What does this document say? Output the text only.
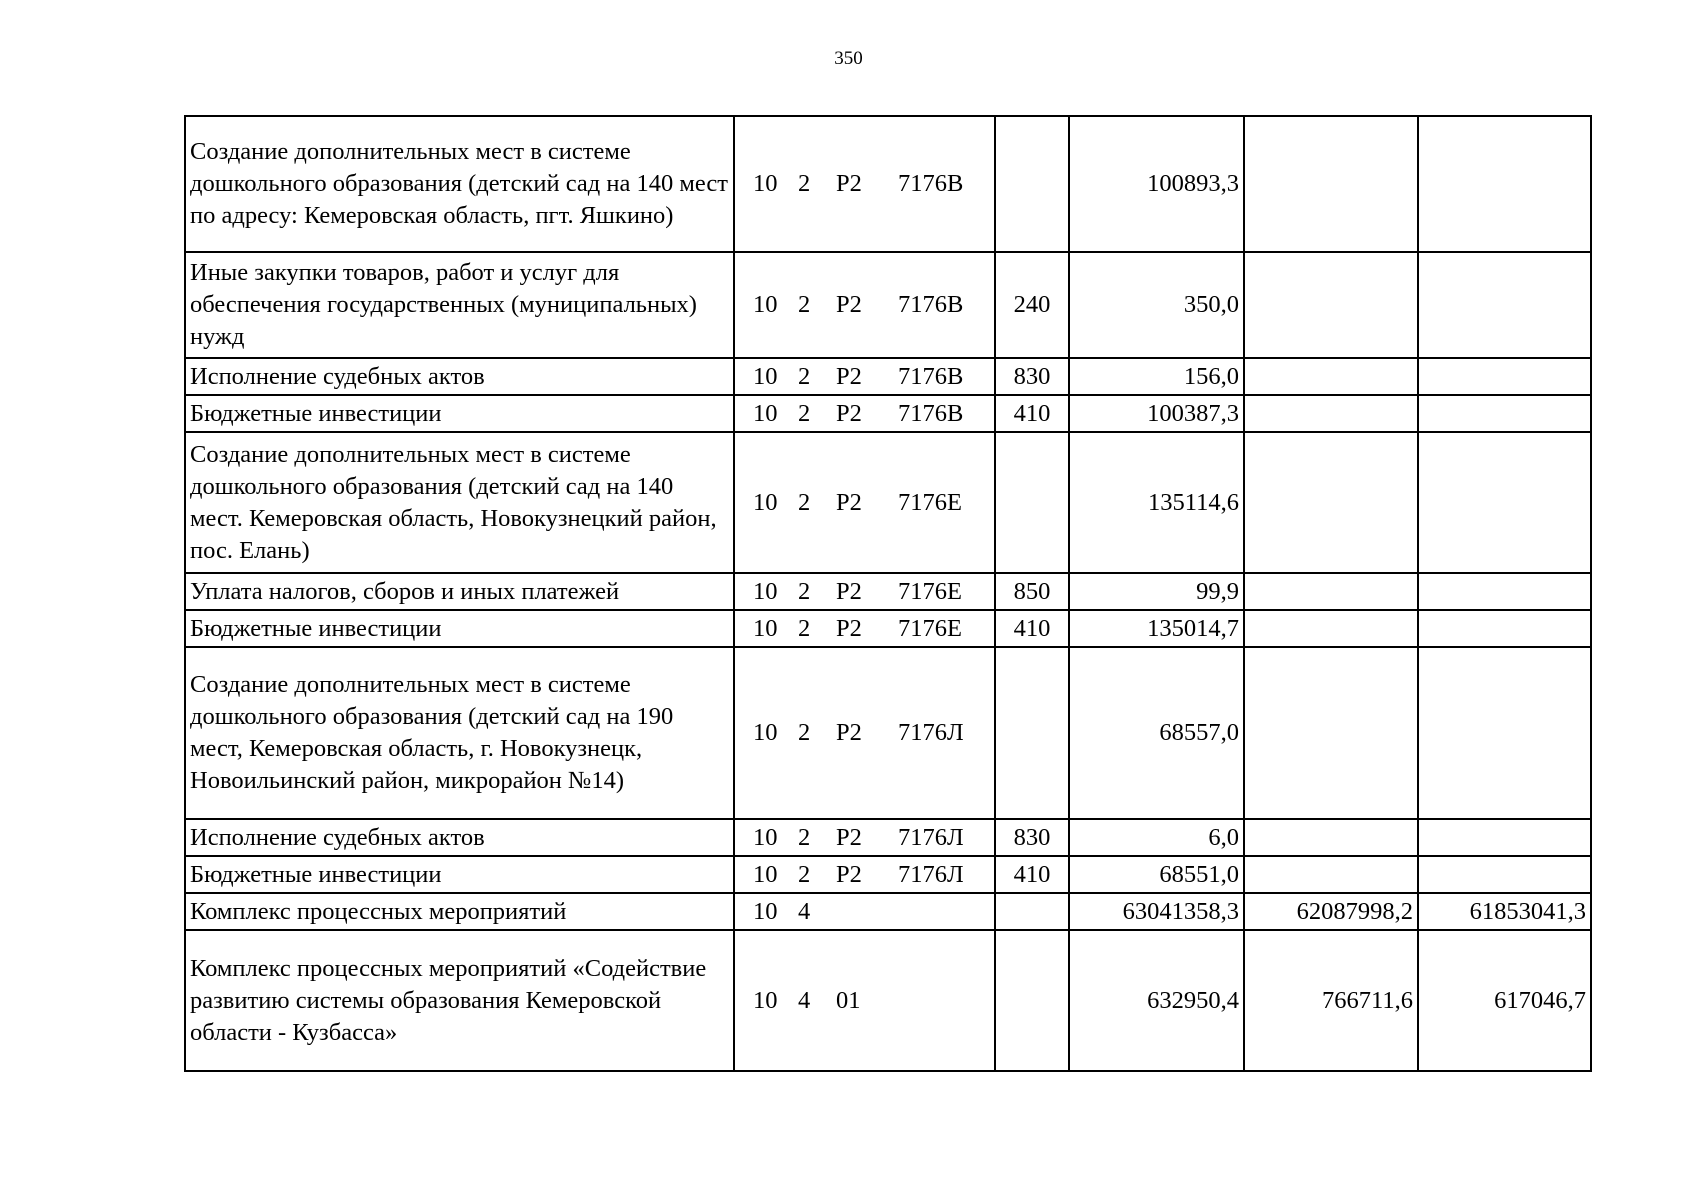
350
Создание дополнительных мест в системе дошкольного образования (детский сад на 140 мест по адресу: Кемеровская область, пгт. Яшкино)	10 2 P2 7176B		100893,3		
Иные закупки товаров, работ и услуг для обеспечения государственных (муниципальных) нужд	10 2 P2 7176B	240	350,0		
Исполнение судебных актов	10 2 P2 7176B	830	156,0		
Бюджетные инвестиции	10 2 P2 7176B	410	100387,3		
Создание дополнительных мест в системе дошкольного образования (детский сад на 140 мест. Кемеровская область, Новокузнецкий район, пос. Елань)	10 2 P2 7176E		135114,6		
Уплата налогов, сборов и иных платежей	10 2 P2 7176E	850	99,9		
Бюджетные инвестиции	10 2 P2 7176E	410	135014,7		
Создание дополнительных мест в системе дошкольного образования (детский сад на 190 мест, Кемеровская область, г. Новокузнецк, Новоильинский район, микрорайон №14)	10 2 P2 7176Л		68557,0		
Исполнение судебных актов	10 2 P2 7176Л	830	6,0		
Бюджетные инвестиции	10 2 P2 7176Л	410	68551,0		
Комплекс процессных мероприятий	10 4		63041358,3	62087998,2	61853041,3
Комплекс процессных мероприятий «Содействие развитию системы образования Кемеровской области - Кузбасса»	10 4 01		632950,4	766711,6	617046,7
